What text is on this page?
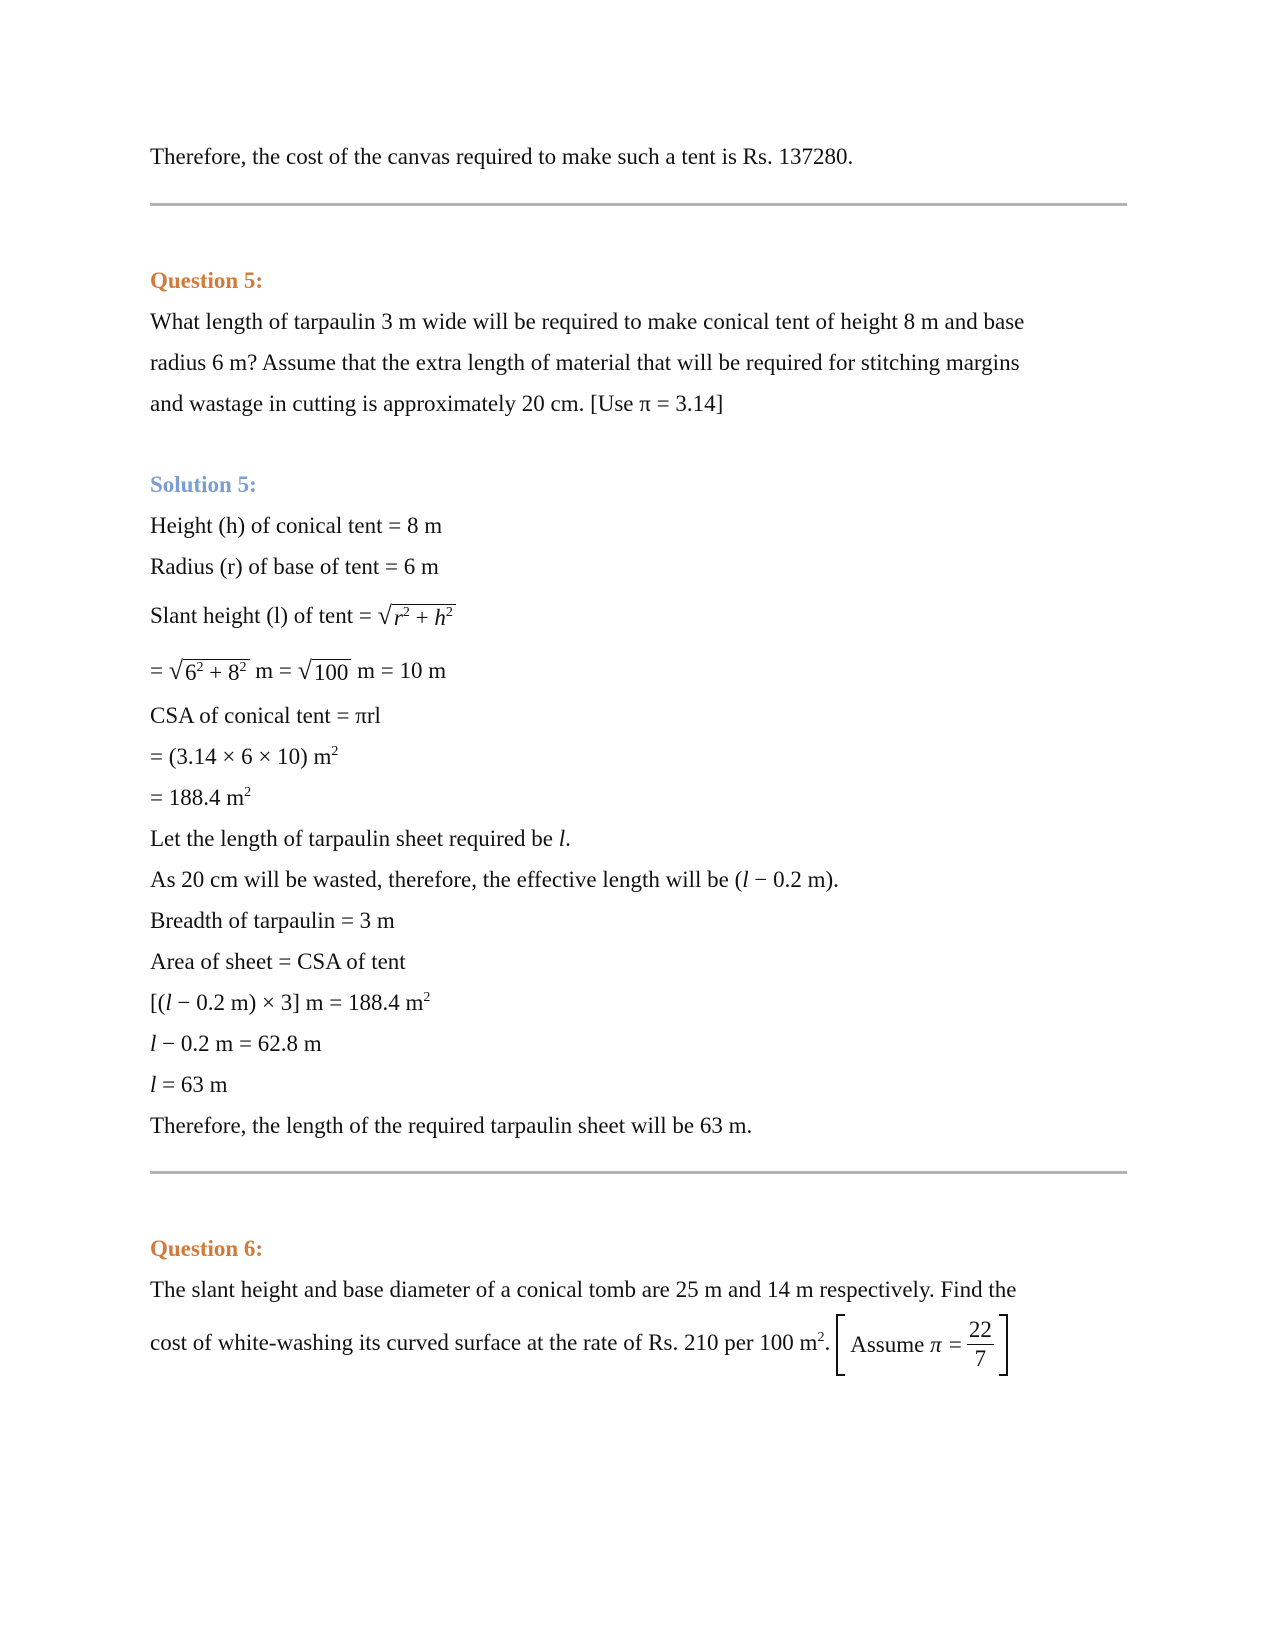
Therefore, the cost of the canvas required to make such a tent is Rs. 137280.
Question 5:
What length of tarpaulin 3 m wide will be required to make conical tent of height 8 m and base
radius 6 m? Assume that the extra length of material that will be required for stitching margins
and wastage in cutting is approximately 20 cm. [Use π = 3.14]
Solution 5:
Height (h) of conical tent = 8 m
Radius (r) of base of tent = 6 m
Slant height (l) of tent = √ $r^2 + h^2$
= √ $6^2 + 8^2$ m = √ 100 m = 10 m
CSA of conical tent = πrl
= (3.14 × 6 × 10) $m^2$
= 188.4 $m^2$
Let the length of tarpaulin sheet required be l.
As 20 cm will be wasted, therefore, the effective length will be (l − 0.2 m).
Breadth of tarpaulin = 3 m
Area of sheet = CSA of tent
[(l − 0.2 m) × 3] m = 188.4 $m^2$
l − 0.2 m = 62.8 m
l = 63 m
Therefore, the length of the required tarpaulin sheet will be 63 m.
Question 6:
The slant height and base diameter of a conical tomb are 25 m and 14 m respectively. Find the
cost of white-washing its curved surface at the rate of Rs. 210 per 100 $m^2$. Assume
$\pi = \frac{22}{7}$
